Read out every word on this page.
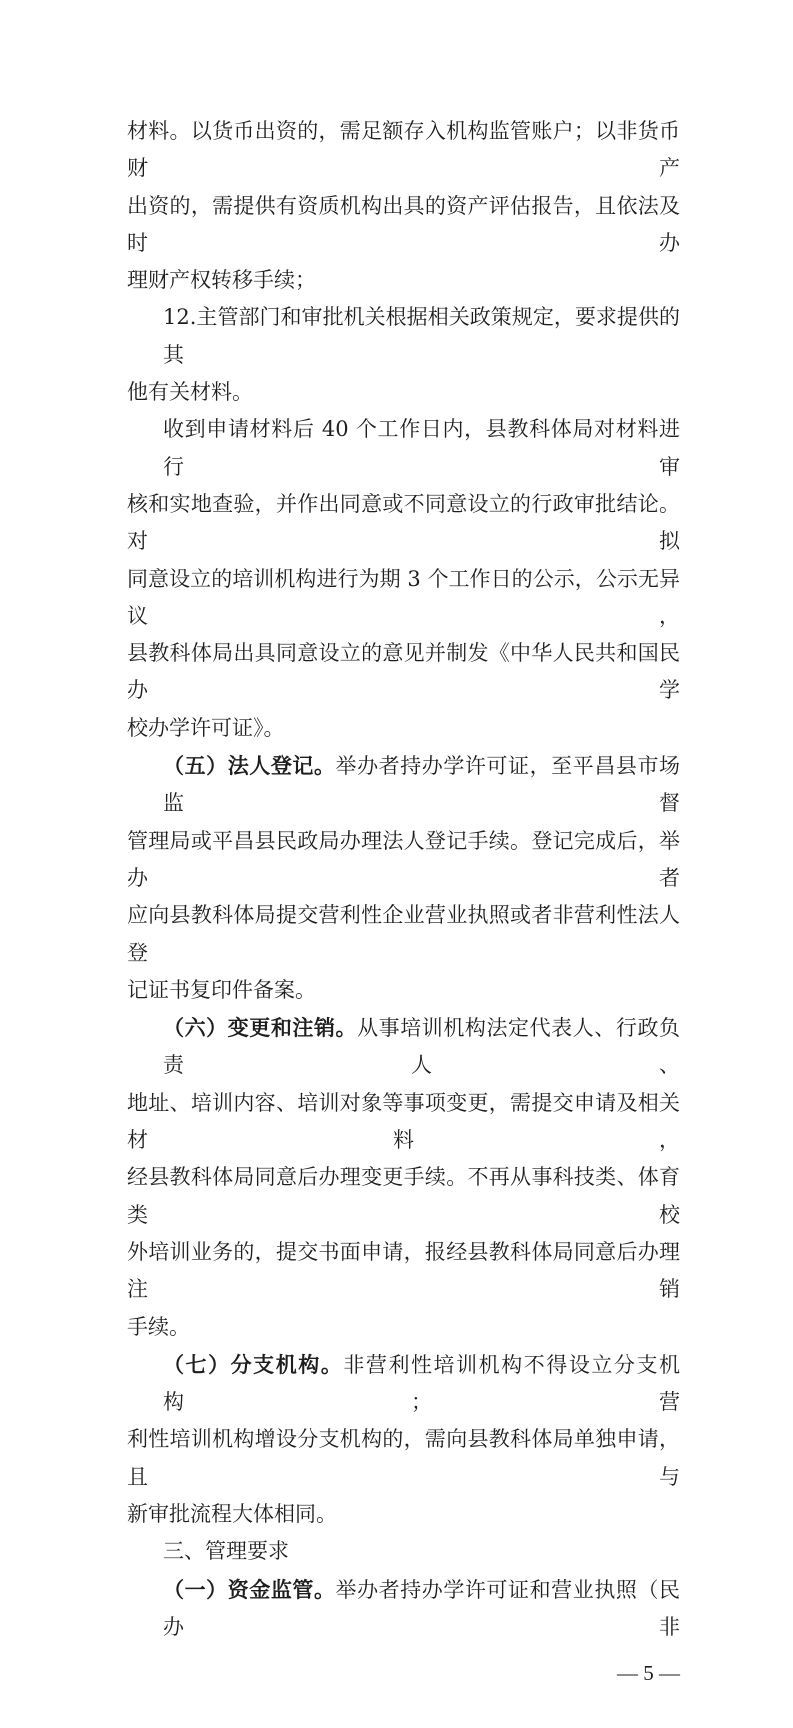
材料。以货币出资的，需足额存入机构监管账户；以非货币财产
出资的，需提供有资质机构出具的资产评估报告，且依法及时办
理财产权转移手续；
12.主管部门和审批机关根据相关政策规定，要求提供的其
他有关材料。
收到申请材料后 40 个工作日内，县教科体局对材料进行审
核和实地查验，并作出同意或不同意设立的行政审批结论。对拟
同意设立的培训机构进行为期 3 个工作日的公示，公示无异议，
县教科体局出具同意设立的意见并制发《中华人民共和国民办学
校办学许可证》。
（五）法人登记。举办者持办学许可证，至平昌县市场监督
管理局或平昌县民政局办理法人登记手续。登记完成后，举办者
应向县教科体局提交营利性企业营业执照或者非营利性法人登
记证书复印件备案。
（六）变更和注销。从事培训机构法定代表人、行政负责人、
地址、培训内容、培训对象等事项变更，需提交申请及相关材料，
经县教科体局同意后办理变更手续。不再从事科技类、体育类校
外培训业务的，提交书面申请，报经县教科体局同意后办理注销
手续。
（七）分支机构。非营利性培训机构不得设立分支机构；营
利性培训机构增设分支机构的，需向县教科体局单独申请，且与
新审批流程大体相同。
三、管理要求
（一）资金监管。举办者持办学许可证和营业执照（民办非
— 5 —
